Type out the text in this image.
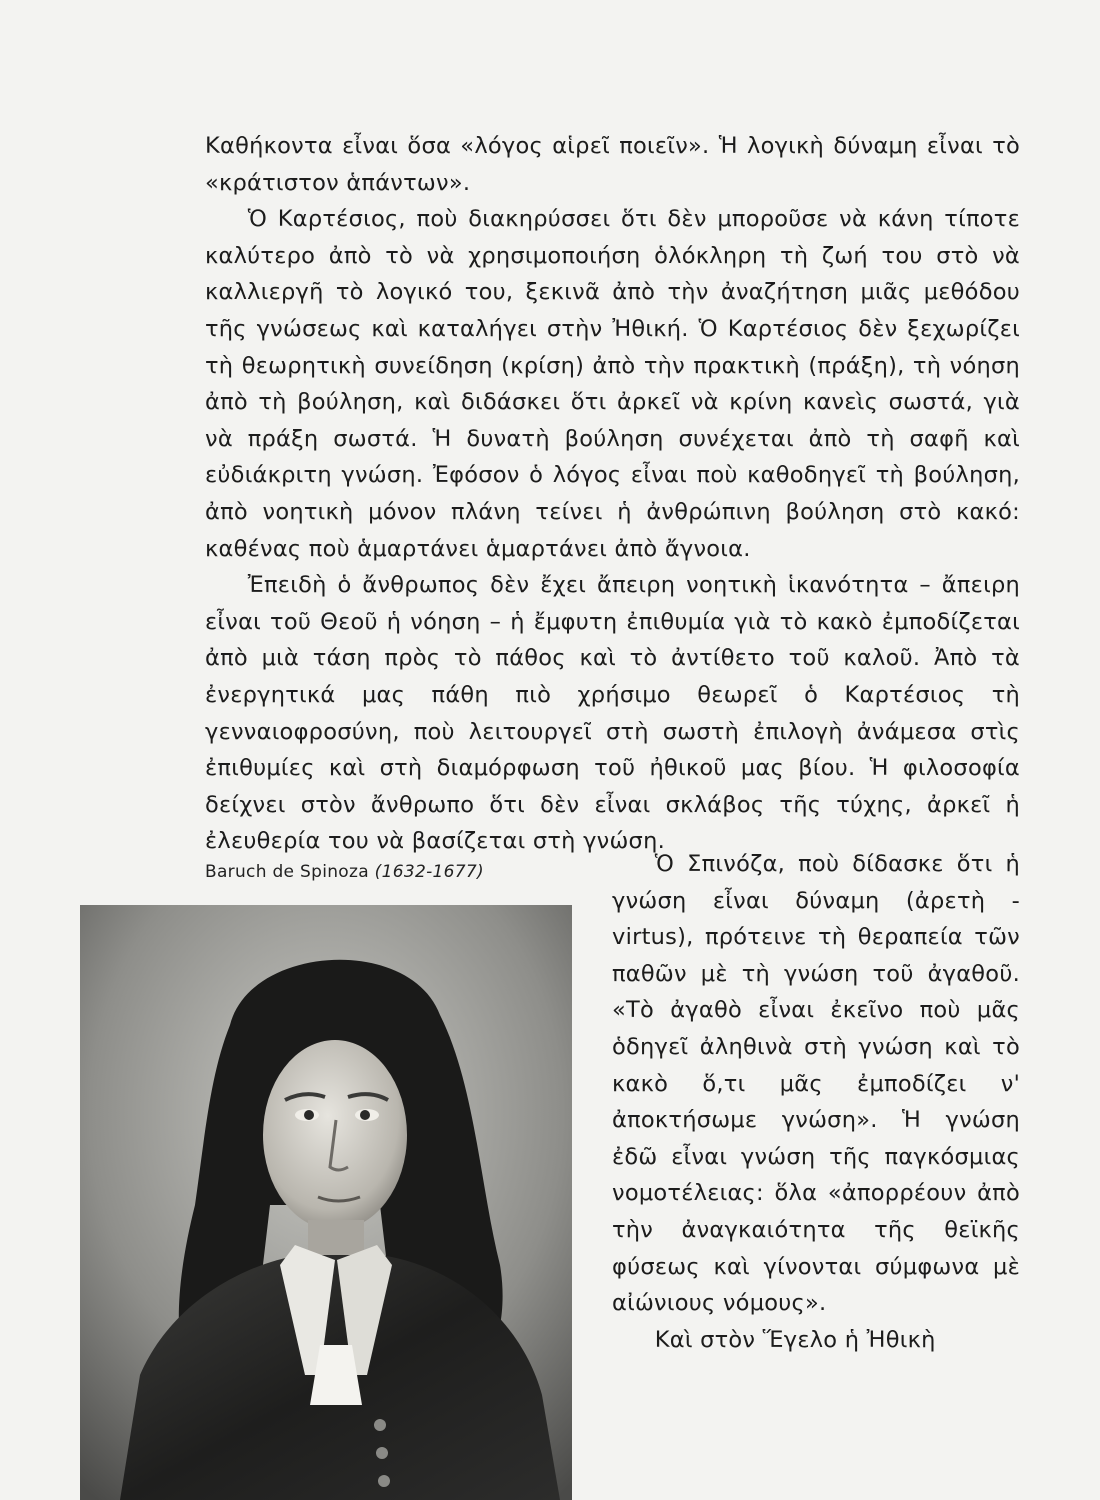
Καθήκοντα εἶναι ὅσα «λόγος αἱρεῖ ποιεῖν». Ἡ λογικὴ δύναμη εἶναι τὸ «κράτιστον ἁπάντων».

Ὁ Καρτέσιος, ποὺ διακηρύσσει ὅτι δὲν μποροῦσε νὰ κάνη τίποτε καλύτερο ἀπὸ τὸ νὰ χρησιμοποιήση ὁλόκληρη τὴ ζωή του στὸ νὰ καλλιεργῆ τὸ λογικό του, ξεκινᾶ ἀπὸ τὴν ἀναζήτηση μιᾶς μεθόδου τῆς γνώσεως καὶ καταλήγει στὴν Ἠθική. Ὁ Καρτέσιος δὲν ξεχωρίζει τὴ θεωρητικὴ συνείδηση (κρίση) ἀπὸ τὴν πρακτικὴ (πράξη), τὴ νόηση ἀπὸ τὴ βούληση, καὶ διδάσκει ὅτι ἀρκεῖ νὰ κρίνη κανεὶς σωστά, γιὰ νὰ πράξη σωστά. Ἡ δυνατὴ βούληση συνέχεται ἀπὸ τὴ σαφῆ καὶ εὐδιάκριτη γνώση. Ἐφόσον ὁ λόγος εἶναι ποὺ καθοδηγεῖ τὴ βούληση, ἀπὸ νοητικὴ μόνον πλάνη τείνει ἡ ἀνθρώπινη βούληση στὸ κακό: καθένας ποὺ ἁμαρτάνει ἁμαρτάνει ἀπὸ ἄγνοια.

Ἐπειδὴ ὁ ἄνθρωπος δὲν ἔχει ἄπειρη νοητικὴ ἱκανότητα – ἄπειρη εἶναι τοῦ Θεοῦ ἡ νόηση – ἡ ἔμφυτη ἐπιθυμία γιὰ τὸ κακὸ ἐμποδίζεται ἀπὸ μιὰ τάση πρὸς τὸ πάθος καὶ τὸ ἀντίθετο τοῦ καλοῦ. Ἀπὸ τὰ ἐνεργητικά μας πάθη πιὸ χρήσιμο θεωρεῖ ὁ Καρτέσιος τὴ γενναιοφροσύνη, ποὺ λειτουργεῖ στὴ σωστὴ ἐπιλογὴ ἀνάμεσα στὶς ἐπιθυμίες καὶ στὴ διαμόρφωση τοῦ ἠθικοῦ μας βίου. Ἡ φιλοσοφία δείχνει στὸν ἄνθρωπο ὅτι δὲν εἶναι σκλάβος τῆς τύχης, ἀρκεῖ ἡ ἐλευθερία του νὰ βασίζεται στὴ γνώση.

Baruch de Spinoza (1632-1677)	Ὁ Σπινόζα, ποὺ δίδασκε ὅτι ἡ γνώση εἶναι δύναμη (ἀρετὴ - virtus), πρότεινε τὴ θεραπεία τῶν παθῶν μὲ τὴ γνώση τοῦ ἀγαθοῦ. «Τὸ ἀγαθὸ εἶναι ἐκεῖνο ποὺ μᾶς ὁδηγεῖ ἀληθινὰ στὴ γνώση καὶ τὸ κακὸ ὅ,τι μᾶς ἐμποδίζει ν' ἀποκτήσωμε γνώση». Ἡ γνώση ἐδῶ εἶναι γνώση τῆς παγκόσμιας νομοτέλειας: ὅλα «ἀπορρέουν ἀπὸ τὴν ἀναγκαιότητα τῆς θεϊκῆς φύσεως καὶ γίνονται σύμφωνα μὲ αἰώνιους νόμους».

Καὶ στὸν Ἕγελο ἡ Ἠθικὴ
